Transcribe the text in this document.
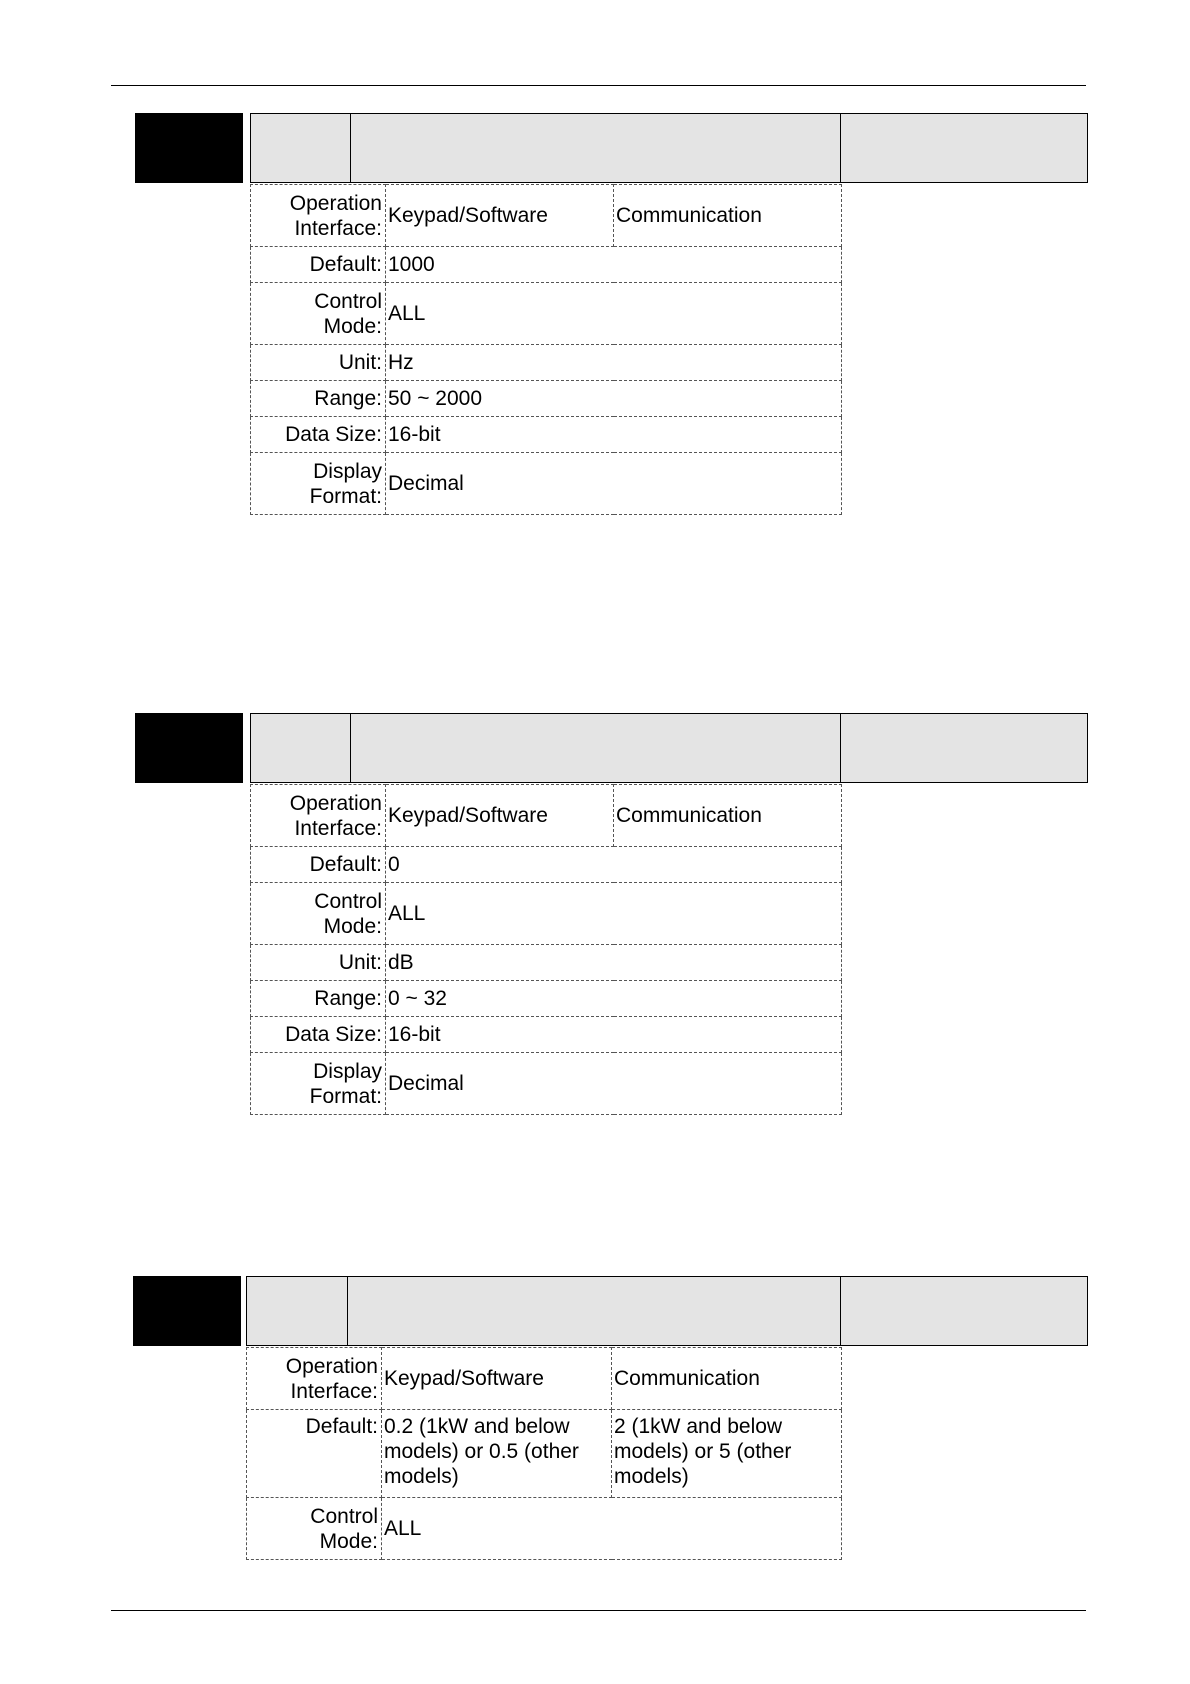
Operation Interface:	Keypad/Software	Communication
Default:	1000	
Control Mode:	ALL	
Unit:	Hz	
Range:	50 ~ 2000	
Data Size:	16-bit	
Display Format:	Decimal	
Operation Interface:	Keypad/Software	Communication
Default:	0	
Control Mode:	ALL	
Unit:	dB	
Range:	0 ~ 32	
Data Size:	16-bit	
Display Format:	Decimal	
Operation Interface:	Keypad/Software	Communication
Default:	0.2 (1kW and below models) or 0.5 (other models)	2 (1kW and below models) or 5 (other models)
Control Mode:	ALL	
